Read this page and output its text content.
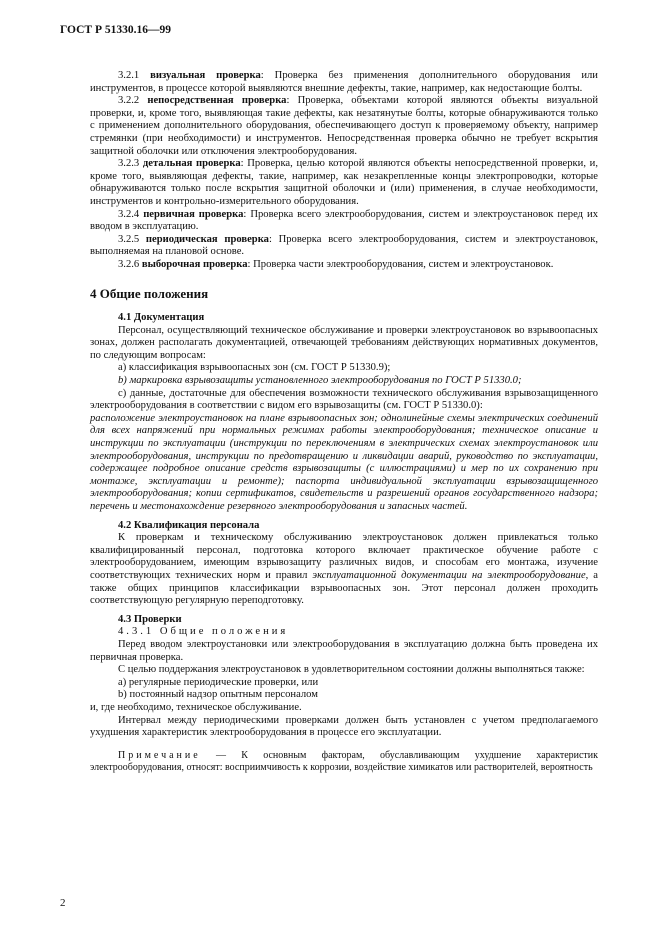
ГОСТ Р 51330.16—99

3.2.1 визуальная проверка: Проверка без применения дополнительного оборудования или инструментов, в процессе которой выявляются внешние дефекты, такие, например, как недостающие болты.

3.2.2 непосредственная проверка: Проверка, объектами которой являются объекты визуальной проверки, и, кроме того, выявляющая такие дефекты, как незатянутые болты, которые обнаруживаются только с применением дополнительного оборудования, обеспечивающего доступ к проверяемому объекту, например стремянки (при необходимости) и инструментов. Непосредственная проверка обычно не требует вскрытия защитной оболочки или отключения электрооборудования.

3.2.3 детальная проверка: Проверка, целью которой являются объекты непосредственной проверки, и, кроме того, выявляющая дефекты, такие, например, как незакрепленные концы электропроводки, которые обнаруживаются только после вскрытия защитной оболочки и (или) применения, в случае необходимости, инструментов и контрольно-измерительного оборудования.

3.2.4 первичная проверка: Проверка всего электрооборудования, систем и электроустановок перед их вводом в эксплуатацию.

3.2.5 периодическая проверка: Проверка всего электрооборудования, систем и электроустановок, выполняемая на плановой основе.

3.2.6 выборочная проверка: Проверка части электрооборудования, систем и электроустановок.

4 Общие положения

4.1 Документация

Персонал, осуществляющий техническое обслуживание и проверки электроустановок во взрывоопасных зонах, должен располагать документацией, отвечающей требованиям действующих нормативных документов, по следующим вопросам:

а) классификация взрывоопасных зон (см. ГОСТ Р 51330.9);

b) маркировка взрывозащиты установленного электрооборудования по ГОСТ Р 51330.0;

с) данные, достаточные для обеспечения возможности технического обслуживания взрывозащищенного электрооборудования в соответствии с видом его взрывозащиты (см. ГОСТ Р 51330.0):

расположение электроустановок на плане взрывоопасных зон; однолинейные схемы электрических соединений для всех напряжений при нормальных режимах работы электрооборудования; техническое описание и инструкции по эксплуатации (инструкции по переключениям в электрических схемах электроустановок или электрооборудования, инструкции по предотвращению и ликвидации аварий, руководство по эксплуатации, содержащее подробное описание средств взрывозащиты (с иллюстрациями) и мер по их сохранению при монтаже, эксплуатации и ремонте); паспорта индивидуальной эксплуатации взрывозащищенного электрооборудования; копии сертификатов, свидетельств и разрешений органов государственного надзора; перечень и местонахождение резервного электрооборудования и запасных частей.

4.2 Квалификация персонала

К проверкам и техническому обслуживанию электроустановок должен привлекаться только квалифицированный персонал, подготовка которого включает практическое обучение работе с электрооборудованием, имеющим взрывозащиту различных видов, и способам его монтажа, изучение соответствующих технических норм и правил эксплуатационной документации на электрооборудование, а также общих принципов классификации взрывоопасных зон. Этот персонал должен проходить соответствующую регулярную переподготовку.

4.3 Проверки

4.3.1 Общие положения

Перед вводом электроустановки или электрооборудования в эксплуатацию должна быть проведена их первичная проверка.

С целью поддержания электроустановок в удовлетворительном состоянии должны выполняться также:

а) регулярные периодические проверки, или

b) постоянный надзор опытным персоналом

и, где необходимо, техническое обслуживание.

Интервал между периодическими проверками должен быть установлен с учетом предполагаемого ухудшения характеристик электрооборудования в процессе его эксплуатации.

Примечание — К основным факторам, обуславливающим ухудшение характеристик электрооборудования, относят: восприимчивость к коррозии, воздействие химикатов или растворителей, вероятность

2
